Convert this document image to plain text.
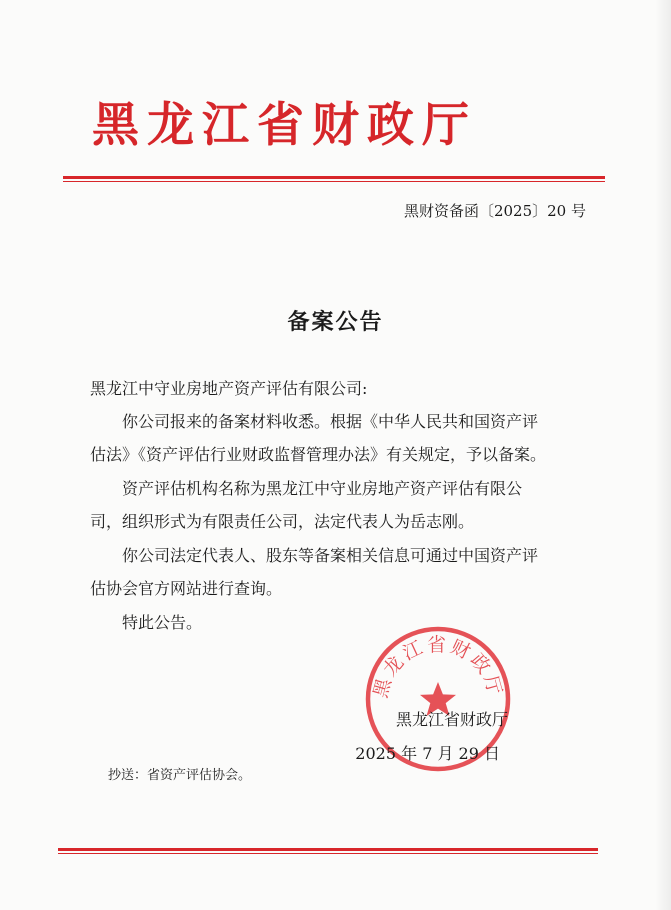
黑龙江省财政厅
黑财资备函〔2025〕20 号
备案公告

黑龙江中守业房地产资产评估有限公司:

你公司报来的备案材料收悉。根据《中华人民共和国资产评

估法》《资产评估行业财政监督管理办法》有关规定，予以备案。

资产评估机构名称为黑龙江中守业房地产资产评估有限公

司，组织形式为有限责任公司，法定代表人为岳志刚。

你公司法定代表人、股东等备案相关信息可通过中国资产评

估协会官方网站进行查询。

特此公告。

黑龙江省财政厅
黑龙江省财政厅
2025 年 7 月 29 日
抄送：省资产评估协会。
